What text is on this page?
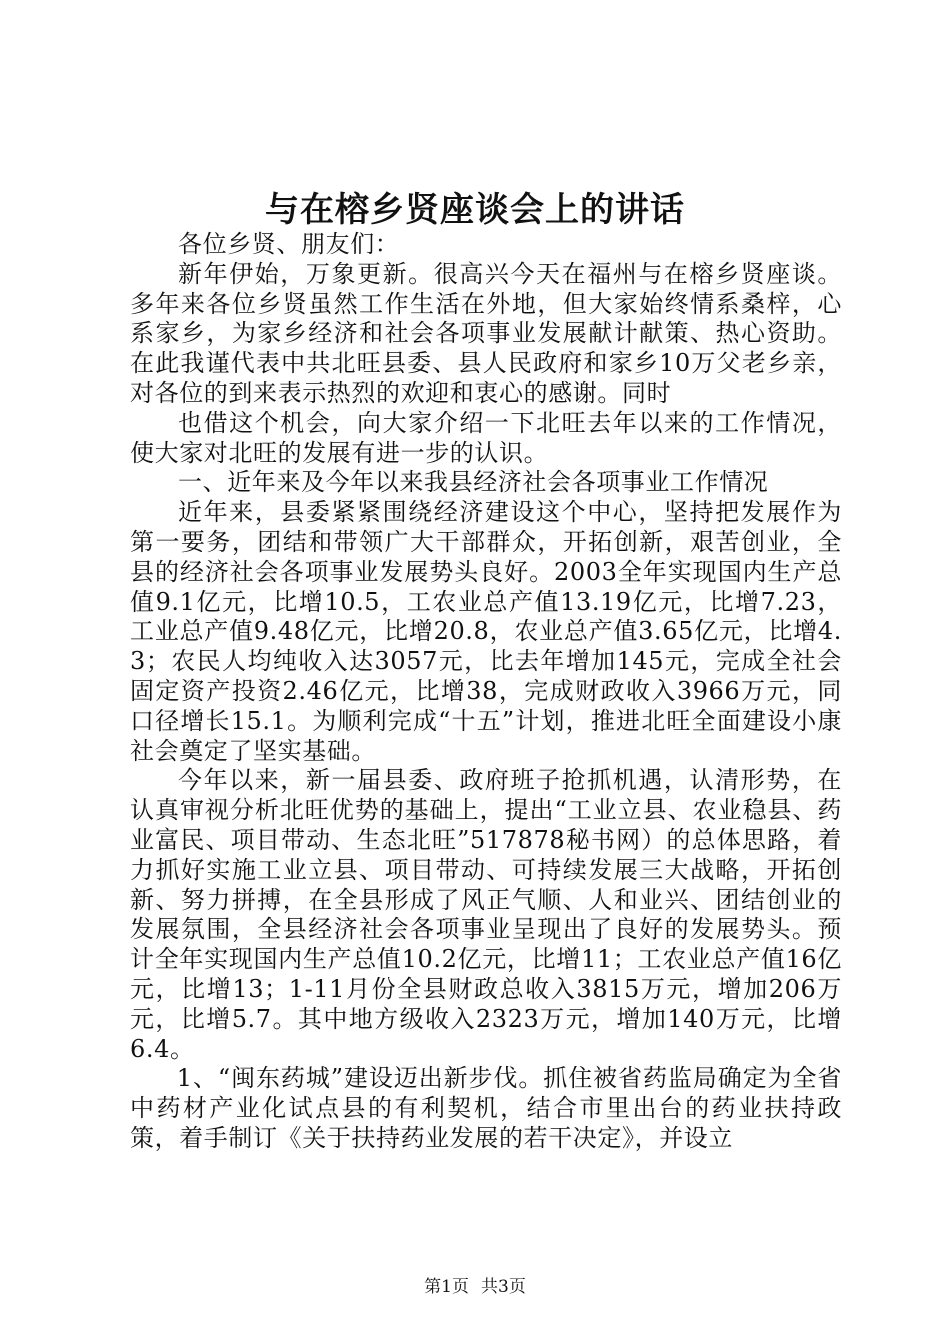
与在榕乡贤座谈会上的讲话

各位乡贤、朋友们：

新年伊始，万象更新。很高兴今天在福州与在榕乡贤座谈。多年来各位乡贤虽然工作生活在外地，但大家始终情系桑梓，心系家乡，为家乡经济和社会各项事业发展献计献策、热心资助。在此我谨代表中共北旺县委、县人民政府和家乡10万父老乡亲，对各位的到来表示热烈的欢迎和衷心的感谢。同时

也借这个机会，向大家介绍一下北旺去年以来的工作情况，使大家对北旺的发展有进一步的认识。

一、近年来及今年以来我县经济社会各项事业工作情况

近年来，县委紧紧围绕经济建设这个中心，坚持把发展作为第一要务，团结和带领广大干部群众，开拓创新，艰苦创业，全县的经济社会各项事业发展势头良好。2003全年实现国内生产总值9.1亿元，比增10.5，工农业总产值13.19亿元，比增7.23，工业总产值9.48亿元，比增20.8，农业总产值3.65亿元，比增4.3；农民人均纯收入达3057元，比去年增加145元，完成全社会固定资产投资2.46亿元，比增38，完成财政收入3966万元，同口径增长15.1。为顺利完成“十五”计划，推进北旺全面建设小康社会奠定了坚实基础。

今年以来，新一届县委、政府班子抢抓机遇，认清形势，在认真审视分析北旺优势的基础上，提出“工业立县、农业稳县、药业富民、项目带动、生态北旺”517878秘书网）的总体思路，着力抓好实施工业立县、项目带动、可持续发展三大战略，开拓创新、努力拼搏，在全县形成了风正气顺、人和业兴、团结创业的发展氛围，全县经济社会各项事业呈现出了良好的发展势头。预计全年实现国内生产总值10.2亿元，比增11；工农业总产值16亿元，比增13；1-11月份全县财政总收入3815万元，增加206万元，比增5.7。其中地方级收入2323万元，增加140万元，比增6.4。

1、“闽东药城”建设迈出新步伐。抓住被省药监局确定为全省中药材产业化试点县的有利契机，结合市里出台的药业扶持政策，着手制订《关于扶持药业发展的若干决定》，并设立

第1页 共3页
